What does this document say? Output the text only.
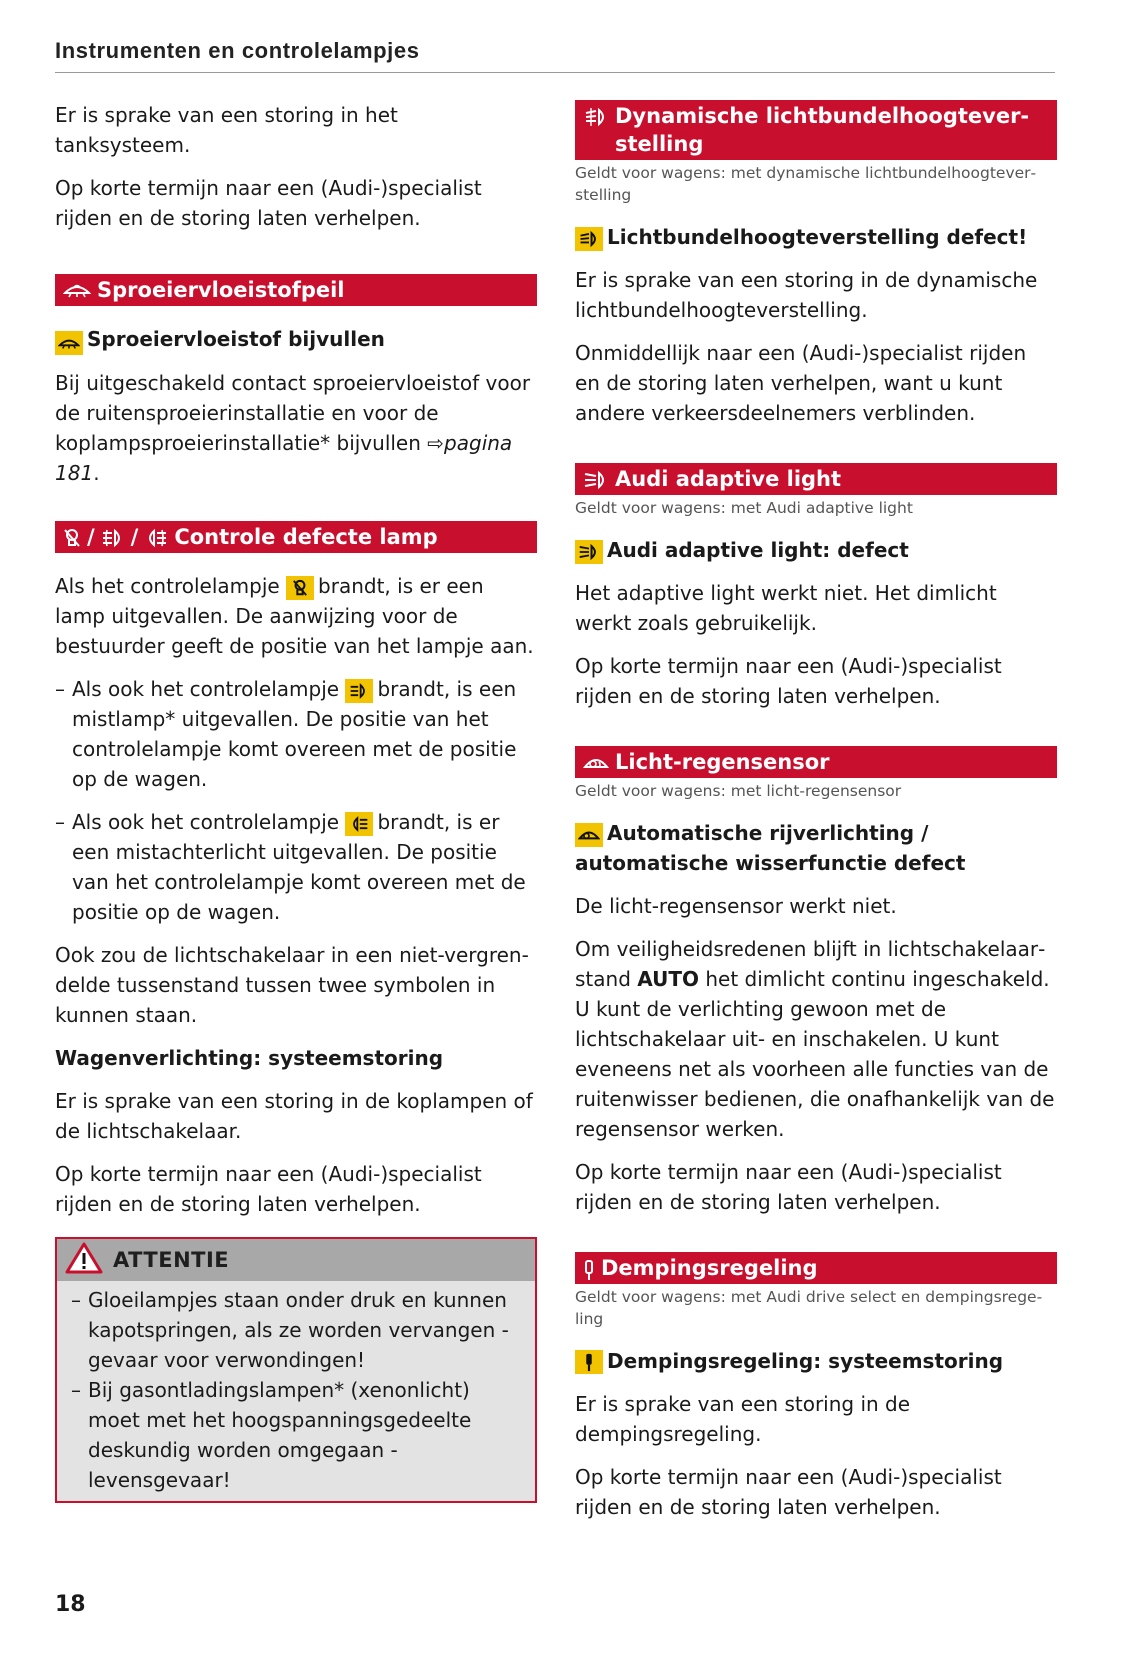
Instrumenten en controlelampjes

Er is sprake van een storing in het tanksysteem.

Op korte termijn naar een (Audi-)specialist rijden en de storing laten verhelpen.

Sproeiervloeistofpeil
Sproeiervloeistof bijvullen

Bij uitgeschakeld contact sproeiervloeistof voor de ruitensproeierinstallatie en voor de koplampsproeierinstallatie* bijvullen ⇨pagina 181.

/ / Controle defecte lamp

Als het controlelampje brandt, is er een lamp uitgevallen. De aanwijzing voor de bestuurder geeft de positie van het lampje aan.

– Als ook het controlelampje brandt, is een mistlamp* uitgevallen. De positie van het controlelampje komt overeen met de positie op de wagen.

– Als ook het controlelampje brandt, is er een mistachterlicht uitgevallen. De positie van het controlelampje komt overeen met de positie op de wagen.

Ook zou de lichtschakelaar in een niet-vergrendelde tussenstand tussen twee symbolen in kunnen staan.

Wagenverlichting: systeemstoring

Er is sprake van een storing in de koplampen of de lichtschakelaar.

Op korte termijn naar een (Audi-)specialist rijden en de storing laten verhelpen.

ATTENTIE

– Gloeilampjes staan onder druk en kunnen kapotspringen, als ze worden vervangen - gevaar voor verwondingen!

– Bij gasontladingslampen* (xenonlicht) moet met het hoogspanningsgedeelte deskundig worden omgegaan - levensgevaar!

Dynamische lichtbundelhoogteverstelling
Geldt voor wagens: met dynamische lichtbundelhoogteverstelling
Lichtbundelhoogteverstelling defect!

Er is sprake van een storing in de dynamische lichtbundelhoogteverstelling.

Onmiddellijk naar een (Audi-)specialist rijden en de storing laten verhelpen, want u kunt andere verkeersdeelnemers verblinden.

Audi adaptive light
Geldt voor wagens: met Audi adaptive light
Audi adaptive light: defect

Het adaptive light werkt niet. Het dimlicht werkt zoals gebruikelijk.

Op korte termijn naar een (Audi-)specialist rijden en de storing laten verhelpen.

Licht-regensensor
Geldt voor wagens: met licht-regensensor
Automatische rijverlichting / automatische wisserfunctie defect

De licht-regensensor werkt niet.

Om veiligheidsredenen blijft in lichtschakelaarstand AUTO het dimlicht continu ingeschakeld. U kunt de verlichting gewoon met de lichtschakelaar uit- en inschakelen. U kunt eveneens net als voorheen alle functies van de ruitenwisser bedienen, die onafhankelijk van de regensensor werken.

Op korte termijn naar een (Audi-)specialist rijden en de storing laten verhelpen.

Dempingsregeling
Geldt voor wagens: met Audi drive select en dempingsregeling
Dempingsregeling: systeemstoring

Er is sprake van een storing in de dempingsregeling.

Op korte termijn naar een (Audi-)specialist rijden en de storing laten verhelpen.

18
